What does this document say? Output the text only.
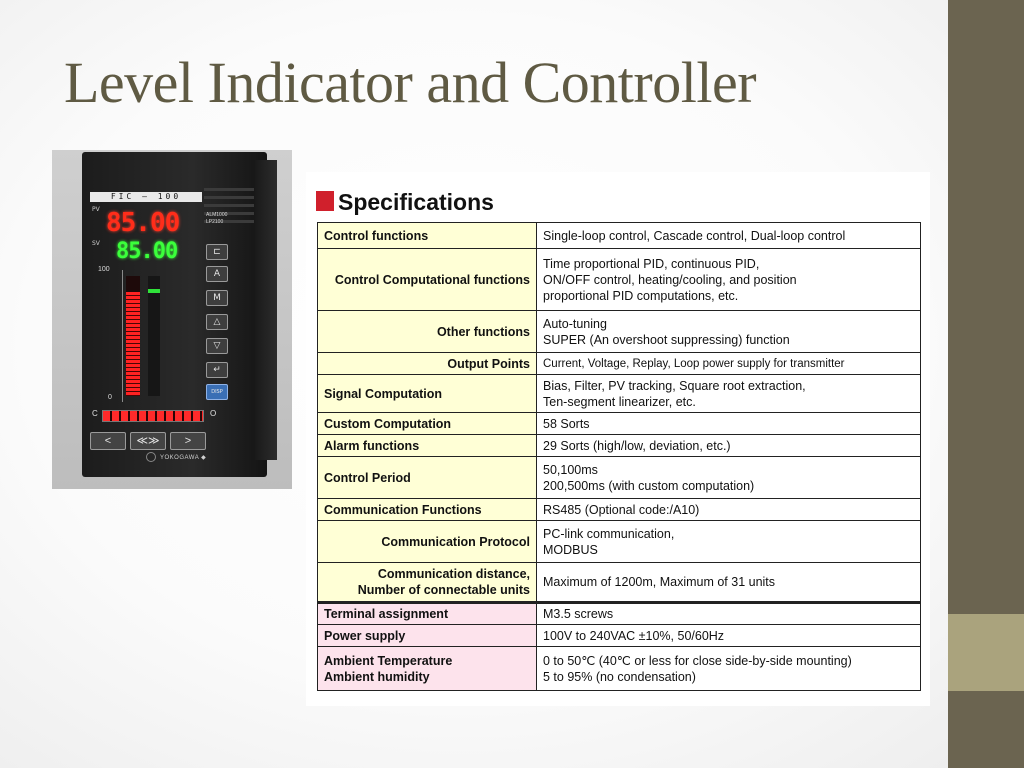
Level Indicator and Controller
FIC – 100
PV
SV
85.00
85.00
ALM1000
LP2100
100
0
⊏
A
M
△
▽
↵
DISP
C	O
<	≪≫	>
YOKOGAWA ◆
Specifications
Control functions	Single-loop control, Cascade control, Dual-loop control
Control Computational functions	Time proportional PID, continuous PID,
ON/OFF control, heating/cooling, and position
proportional PID computations, etc.
Other functions	Auto-tuning
SUPER (An overshoot suppressing) function
Output Points	Current, Voltage, Replay, Loop power supply for transmitter
Signal Computation	Bias, Filter, PV tracking, Square root extraction,
Ten-segment linearizer, etc.
Custom Computation	58 Sorts
Alarm functions	29 Sorts (high/low, deviation, etc.)
Control Period	50,100ms
200,500ms (with custom computation)
Communication Functions	RS485 (Optional code:/A10)
Communication Protocol	PC-link communication,
MODBUS

Communication distance,
Number of connectable units	Maximum of 1200m, Maximum of 31 units
Terminal assignment	M3.5 screws
Power supply	100V to 240VAC ±10%, 50/60Hz

Ambient Temperature
Ambient humidity	0 to 50℃ (40℃ or less for close side-by-side mounting)
5 to 95% (no condensation)
